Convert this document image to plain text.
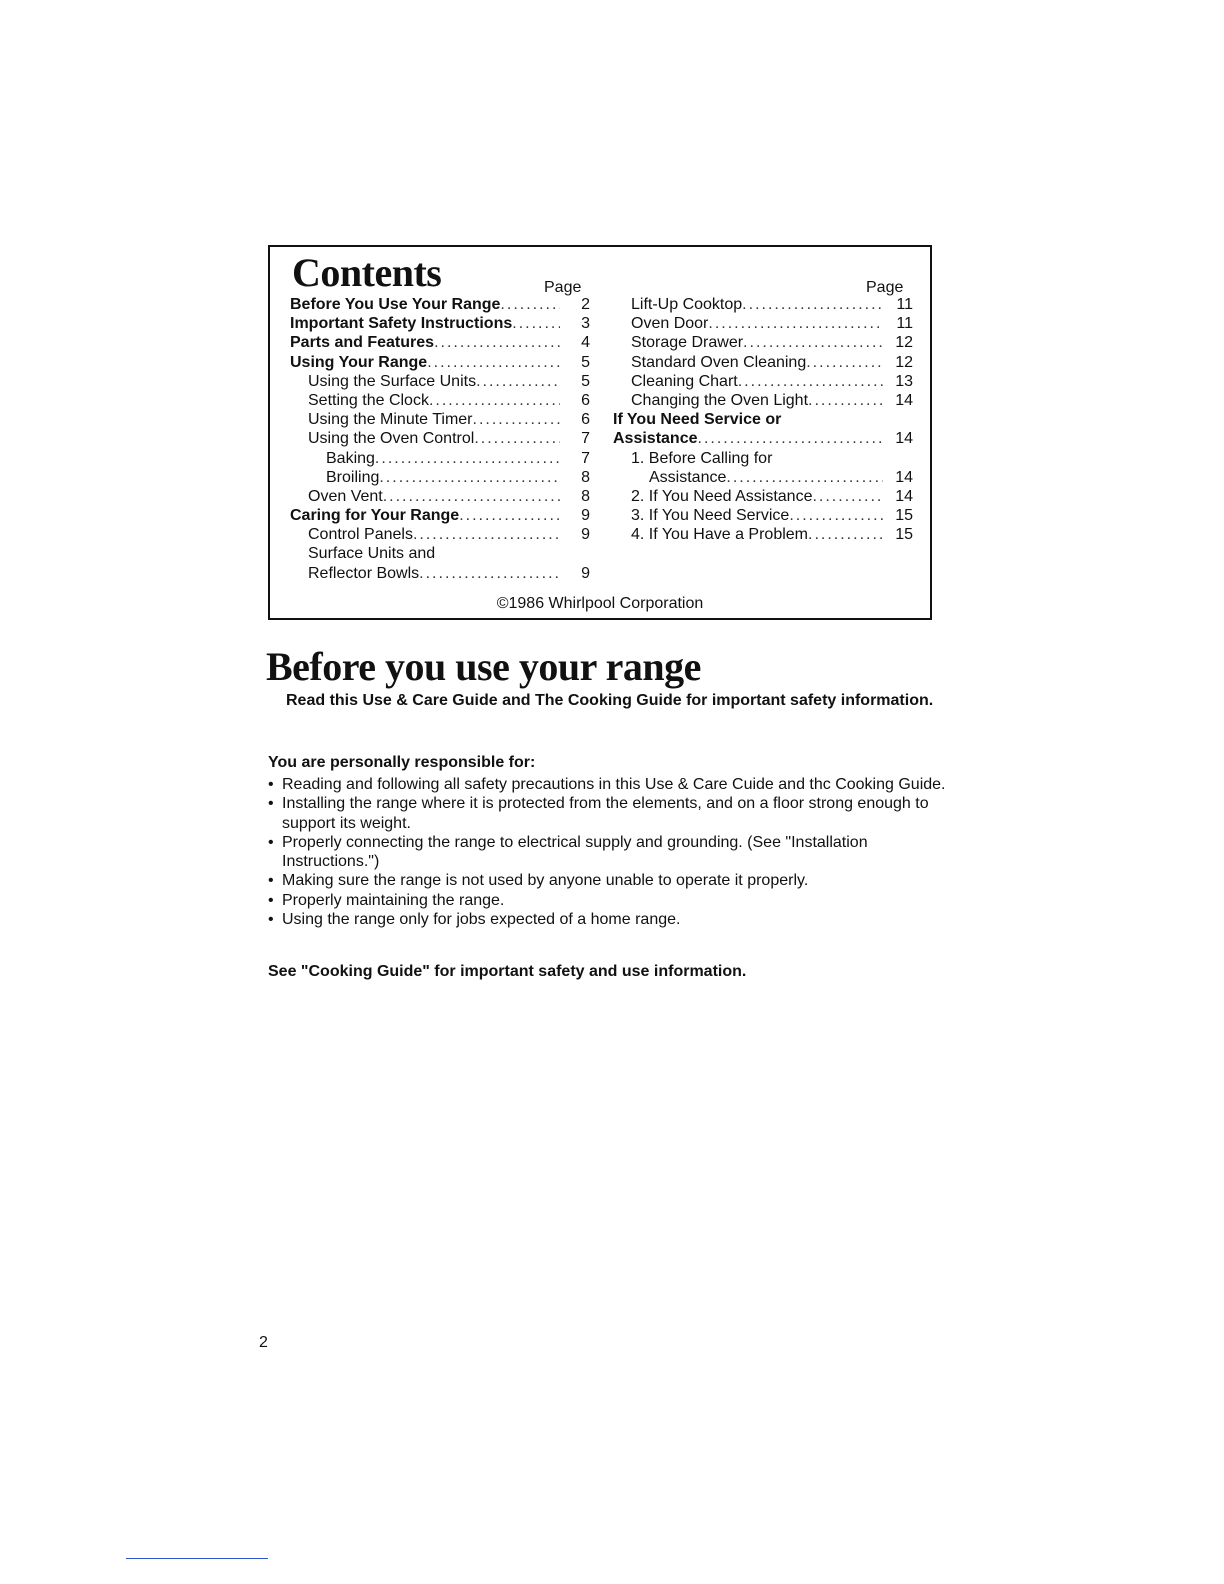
Contents	Page	Page
Before You Use Your Range .....	2
Important Safety Instructions .....	3
Parts and Features .....	4
Using Your Range .....	5
Using the Surface Units .....	5
Setting the Clock .....	6
Using the Minute Timer .....	6
Using the Oven Control .....	7
Baking .....	7
Broiling .....	8
Oven Vent .....	8
Caring for Your Range .....	9
Control Panels .....	9
Surface Units and
Reflector Bowls .....	9
Lift-Up Cooktop .....	11
Oven Door .....	11
Storage Drawer .....	12
Standard Oven Cleaning .....	12
Cleaning Chart .....	13
Changing the Oven Light .....	14
If You Need Service or
Assistance .....	14
1. Before Calling for
Assistance .....	14
2. If You Need Assistance .....	14
3. If You Need Service .....	15
4. If You Have a Problem .....	15
©1986 Whirlpool Corporation
Before you use your range
Read this Use & Care Guide and The Cooking Guide for important safety information.
You are personally responsible for:
• Reading and following all safety precautions in this Use & Care Cuide and thc Cooking Guide.
• Installing the range where it is protected from the elements, and on a floor strong enough to support its weight.
• Properly connecting the range to electrical supply and grounding. (See "Installation Instructions.")
• Making sure the range is not used by anyone unable to operate it properly.
• Properly maintaining the range.
• Using the range only for jobs expected of a home range.
See "Cooking Guide" for important safety and use information.
2
